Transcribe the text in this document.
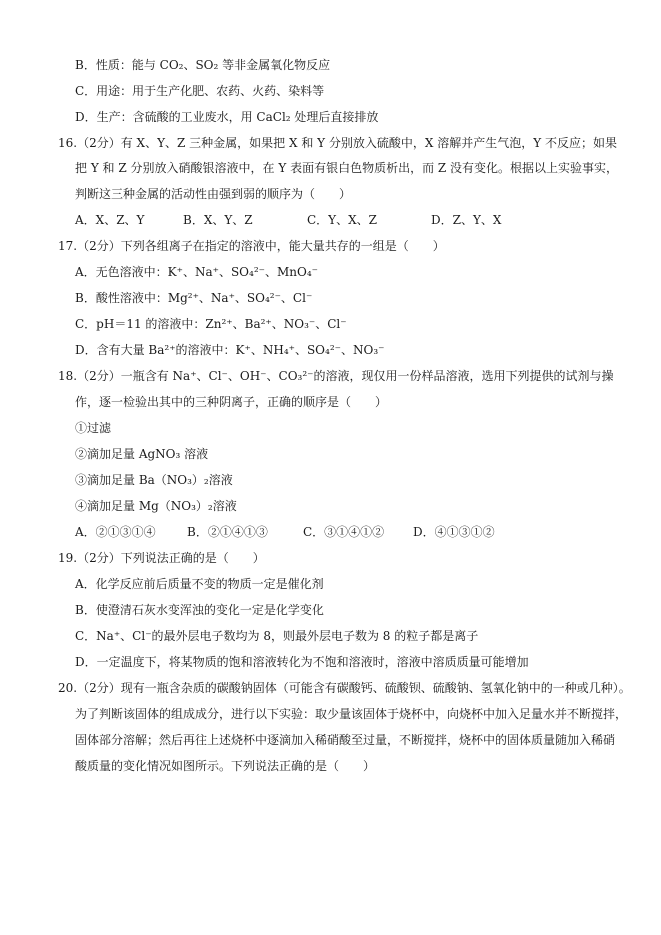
B．性质：能与 CO₂、SO₂ 等非金属氧化物反应
C．用途：用于生产化肥、农药、火药、染料等
D．生产：含硫酸的工业废水，用 CaCl₂ 处理后直接排放
16.（2分）有 X、Y、Z 三种金属，如果把 X 和 Y 分别放入硫酸中，X 溶解并产生气泡，Y 不反应；如果
把 Y 和 Z 分别放入硝酸银溶液中，在 Y 表面有银白色物质析出，而 Z 没有变化。根据以上实验事实，
判断这三种金属的活动性由强到弱的顺序为（　　）
A．X、Z、Y	B．X、Y、Z	C．Y、X、Z	D．Z、Y、X
17.（2分）下列各组离子在指定的溶液中，能大量共存的一组是（　　）
A．无色溶液中：K⁺、Na⁺、SO₄²⁻、MnO₄⁻
B．酸性溶液中：Mg²⁺、Na⁺、SO₄²⁻、Cl⁻
C．pH＝11 的溶液中：Zn²⁺、Ba²⁺、NO₃⁻、Cl⁻
D．含有大量 Ba²⁺的溶液中：K⁺、NH₄⁺、SO₄²⁻、NO₃⁻
18.（2分）一瓶含有 Na⁺、Cl⁻、OH⁻、CO₃²⁻的溶液，现仅用一份样品溶液，选用下列提供的试剂与操
作，逐一检验出其中的三种阴离子，正确的顺序是（　　）
①过滤
②滴加足量 AgNO₃ 溶液
③滴加足量 Ba（NO₃）₂溶液
④滴加足量 Mg（NO₃）₂溶液
A．②①③①④	B．②①④①③	C．③①④①② D．④①③①②
19.（2分）下列说法正确的是（　　）
A．化学反应前后质量不变的物质一定是催化剂
B．使澄清石灰水变浑浊的变化一定是化学变化
C．Na⁺、Cl⁻的最外层电子数均为 8，则最外层电子数为 8 的粒子都是离子
D．一定温度下，将某物质的饱和溶液转化为不饱和溶液时，溶液中溶质质量可能增加
20.（2分）现有一瓶含杂质的碳酸钠固体（可能含有碳酸钙、硫酸钡、硫酸钠、氢氧化钠中的一种或几种）。
为了判断该固体的组成成分，进行以下实验：取少量该固体于烧杯中，向烧杯中加入足量水并不断搅拌，
固体部分溶解；然后再往上述烧杯中逐滴加入稀硝酸至过量，不断搅拌，烧杯中的固体质量随加入稀硝
酸质量的变化情况如图所示。下列说法正确的是（　　）
